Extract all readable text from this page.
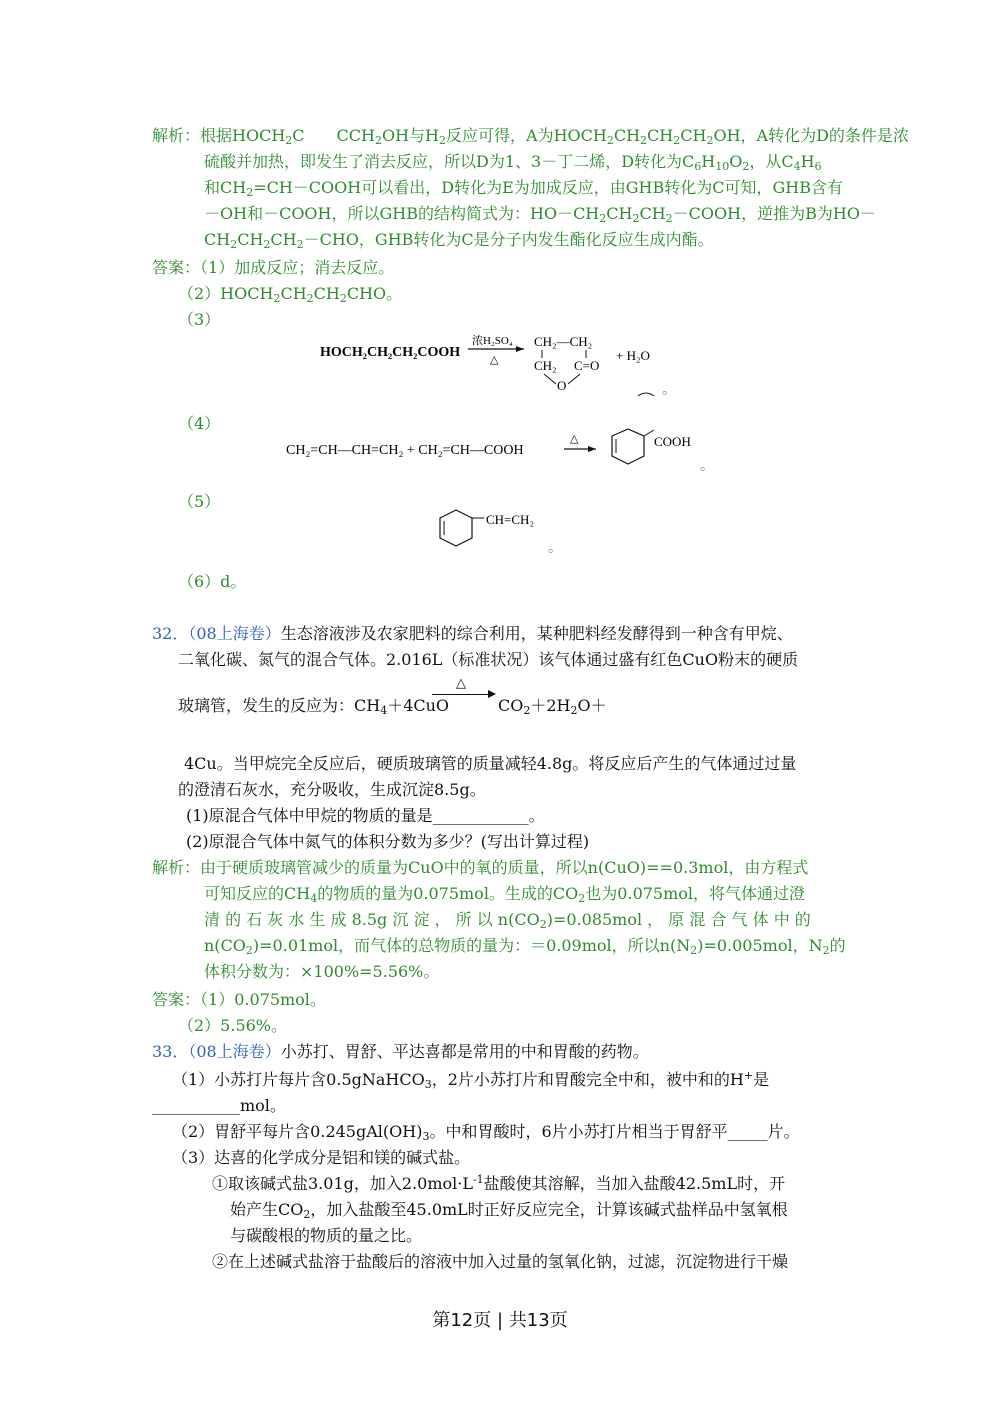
解析：根据$HOCH_2C$　　$CCH_2OH$与$H_2$反应可得，A为$HOCH_2CH_2CH_2CH_2OH$，A转化为D的条件是浓
硫酸并加热，即发生了消去反应，所以D为1、3－丁二烯，D转化为$C_6H_{10}O_2$，从$C_4H_6$
和$CH_2=CH-COOH$可以看出，D转化为E为加成反应，由GHB转化为C可知，GHB含有
－OH和－COOH，所以GHB的结构简式为：$HO-CH_2CH_2CH_2-COOH$，逆推为B为HO－
$CH_2CH_2CH_2-CHO$，GHB转化为C是分子内发生酯化反应生成内酯。
答案：（1）加成反应；消去反应。
$(2)HOCH_2CH_2CH_2CHO$。
（3）
HOCH₂CH₂CH₂COOH
浓H₂SO₄
△
CH₂—CH₂
CH₂ C=O
O
+ H₂O
。
（4）
CH₂=CH—CH=CH₂ + CH₂=CH—COOH
△	COOH
。
（5）
CH=CH₂
。
（6）d。
32．（08上海卷）生态溶液涉及农家肥料的综合利用，某种肥料经发酵得到一种含有甲烷、
二氧化碳、氮气的混合气体。2.016L（标准状况）该气体通过盛有红色CuO粉末的硬质
△
玻璃管，发生的反应为：$CH_4+4CuO$	$CO_2+2H_2O+$
4Cu。当甲烷完全反应后，硬质玻璃管的质量减轻4.8g。将反应后产生的气体通过过量
的澄清石灰水，充分吸收，生成沉淀8.5g。
(1)原混合气体中甲烷的物质的量是____________。
(2)原混合气体中氮气的体积分数为多少？(写出计算过程)
解析：由于硬质玻璃管减少的质量为CuO中的氧的质量，所以n(CuO)==0.3mol，由方程式
可知反应的$CH_4$的物质的量为0.075mol。生成的$CO_2$也为0.075mol，将气体通过澄
清 的 石 灰 水 生 成 8.5g 沉 淀 ， 所 以 $n(CO_2)=0.085mol$ ， 原 混 合 气 体 中 的
$n(CO_2)=0.01mol$，而气体的总物质的量为：＝0.09mol，所以$n(N_2)=0.005mol$，$N_2$的
体积分数为：×100%=5.56%。
答案：（1）0.075mol。
（2）5.56%。
33．（08上海卷）小苏打、胃舒、平达喜都是常用的中和胃酸的药物。
（1）小苏打片每片含0.5gNaHCO$_3$，2片小苏打片和胃酸完全中和，被中和的H+是
___________mol。
（2）胃舒平每片含$0.245gAl(OH)_3$。中和胃酸时，6片小苏打片相当于胃舒平_____片。
（3）达喜的化学成分是铝和镁的碱式盐。
①取该碱式盐3.01g，加入$2.0mol\cdot L^{-1}$盐酸使其溶解，当加入盐酸42.5mL时，开
始产生$CO_2$，加入盐酸至45.0mL时正好反应完全，计算该碱式盐样品中氢氧根
与碳酸根的物质的量之比。
②在上述碱式盐溶于盐酸后的溶液中加入过量的氢氧化钠，过滤，沉淀物进行干燥
第12页 | 共13页
